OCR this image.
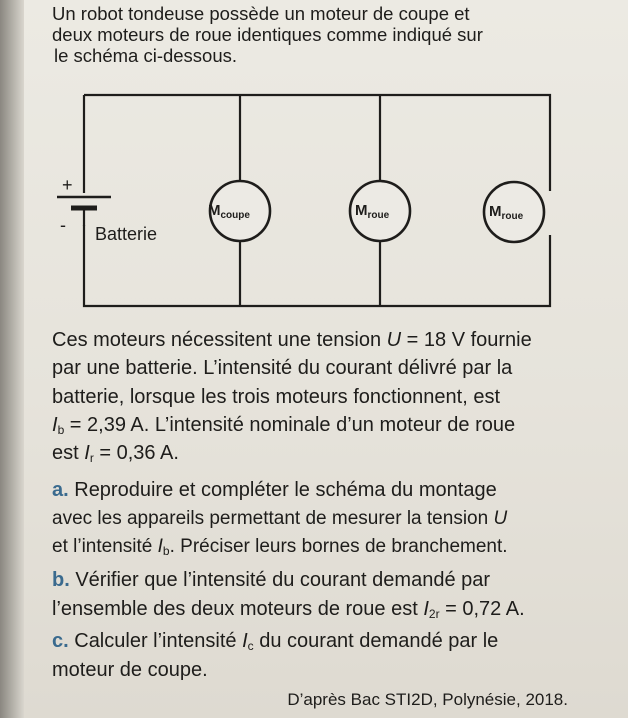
Un robot tondeuse possède un moteur de coupe et
deux moteurs de roue identiques comme indiqué sur
le schéma ci-dessous.
+
- Batterie
$M_{coupe}$	$M_{roue}$	$M_{roue}$
Ces moteurs nécessitent une tension U = 18 V fournie
par une batterie. L’intensité du courant délivré par la
batterie, lorsque les trois moteurs fonctionnent, est
$I_b = 2,39$ A. L’intensité nominale d’un moteur de roue
est $I_r = 0,36$ A.
a. Reproduire et compléter le schéma du montage
avec les appareils permettant de mesurer la tension U
et l’intensité $I_b$. Préciser leurs bornes de branchement.
b. Vérifier que l’intensité du courant demandé par
l’ensemble des deux moteurs de roue est $I_{2r} = 0,72$ A.
c. Calculer l’intensité $I_c$ du courant demandé par le
moteur de coupe.
D’après Bac STI2D, Polynésie, 2018.
